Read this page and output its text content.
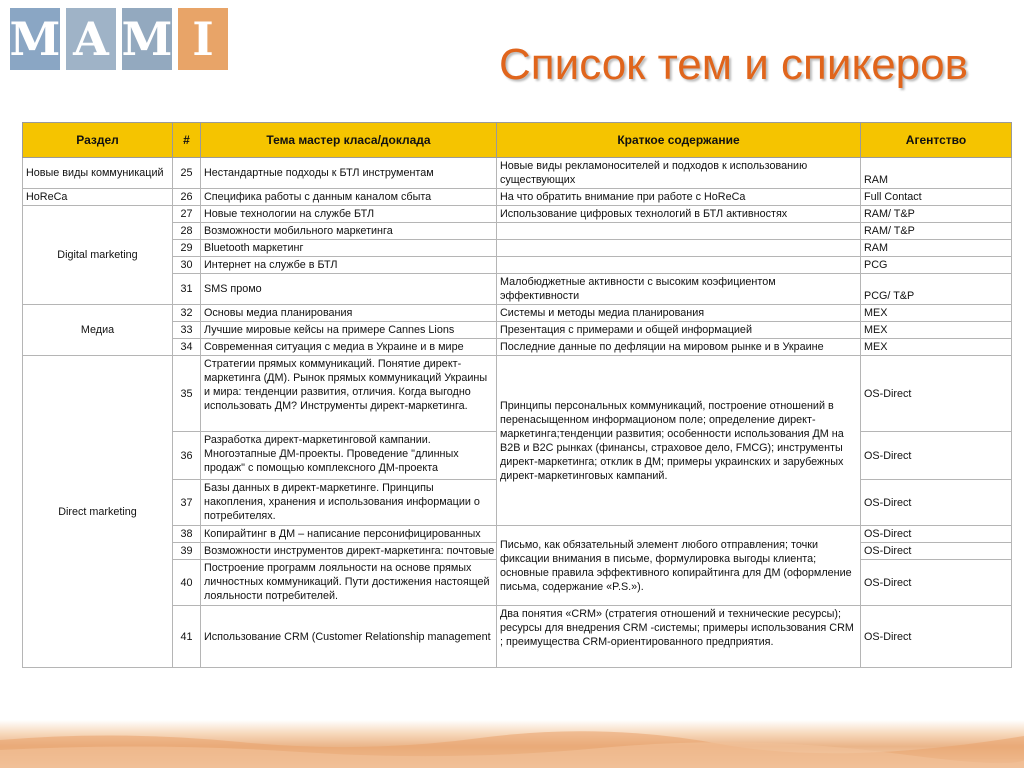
M A M I	Список тем и спикеров
Раздел	#	Тема мастер класа/доклада	Краткое содержание	Агентство
Новые виды коммуникаций	25	Нестандартные подходы к БТЛ инструментам	Новые виды рекламоносителей и подходов к использованию существующих	RAM
HoReCa	26	Специфика работы с данным каналом сбыта	На что обратить внимание при работе с HoReCa	Full Contact
Digital marketing	27	Новые технологии на службе БТЛ	Использование цифровых технологий в БТЛ активностях	RAM/ T&P
	28	Возможности мобильного маркетинга		RAM/ T&P
	29	Bluetooth маркетинг		RAM
	30	Интернет на службе в БТЛ		PCG
	31	SMS промо	Малобюджетные активности с высоким коэфициентом эффективности	PCG/ T&P
Медиа	32	Основы медиа планирования	Системы и методы медиа планирования	MEX
	33	Лучшие мировые кейсы на примере Cannes Lions	Презентация с примерами и общей информацией	MEX
	34	Современная ситуация с медиа в Украине и в мире	Последние данные по дефляции на мировом рынке и в Украине	MEX
Direct marketing	35	Стратегии прямых коммуникаций. Понятие директ-маркетинга (ДМ). Рынок прямых коммуникаций Украины и мира: тенденции развития, отличия. Когда выгодно использовать ДМ? Инструменты директ-маркетинга.	Принципы персональных коммуникаций, построение отношений в перенасыщенном информационом поле; определение директ-маркетинга;тенденции развития; особенности использования ДМ на B2B и B2C рынках (финансы, страховое дело, FMCG); инструменты директ-маркетинга; отклик в ДМ; примеры украинских и зарубежных директ-маркетинговых кампаний.	OS-Direct
	36	Разработка директ-маркетинговой кампании. Многоэтапные ДМ-проекты. Проведение "длинных продаж" с помощью комплексного ДМ-проекта		OS-Direct
	37	Базы данных в директ-маркетинге. Принципы накопления, хранения и использования информации о потребителях.		OS-Direct
	38	Копирайтинг в ДМ – написание персонифицированных	Письмо, как обязательный элемент любого отправления; точки фиксации внимания в письме, формулировка выгоды клиента; основные правила эффективного копирайтинга для ДМ (оформление письма, содержание «P.S.»).	OS-Direct
	39	Возможности инструментов директ-маркетинга: почтовые		OS-Direct
	40	Построение программ лояльности на основе прямых личностных коммуникаций. Пути достижения настоящей лояльности потребителей.		OS-Direct
	41	Использование CRM (Customer Relationship management	Два понятия «CRM» (стратегия отношений и технические ресурсы); ресурсы для внедрения CRM -системы; примеры использования CRM ; преимущества CRM-ориентированного предприятия.	OS-Direct
